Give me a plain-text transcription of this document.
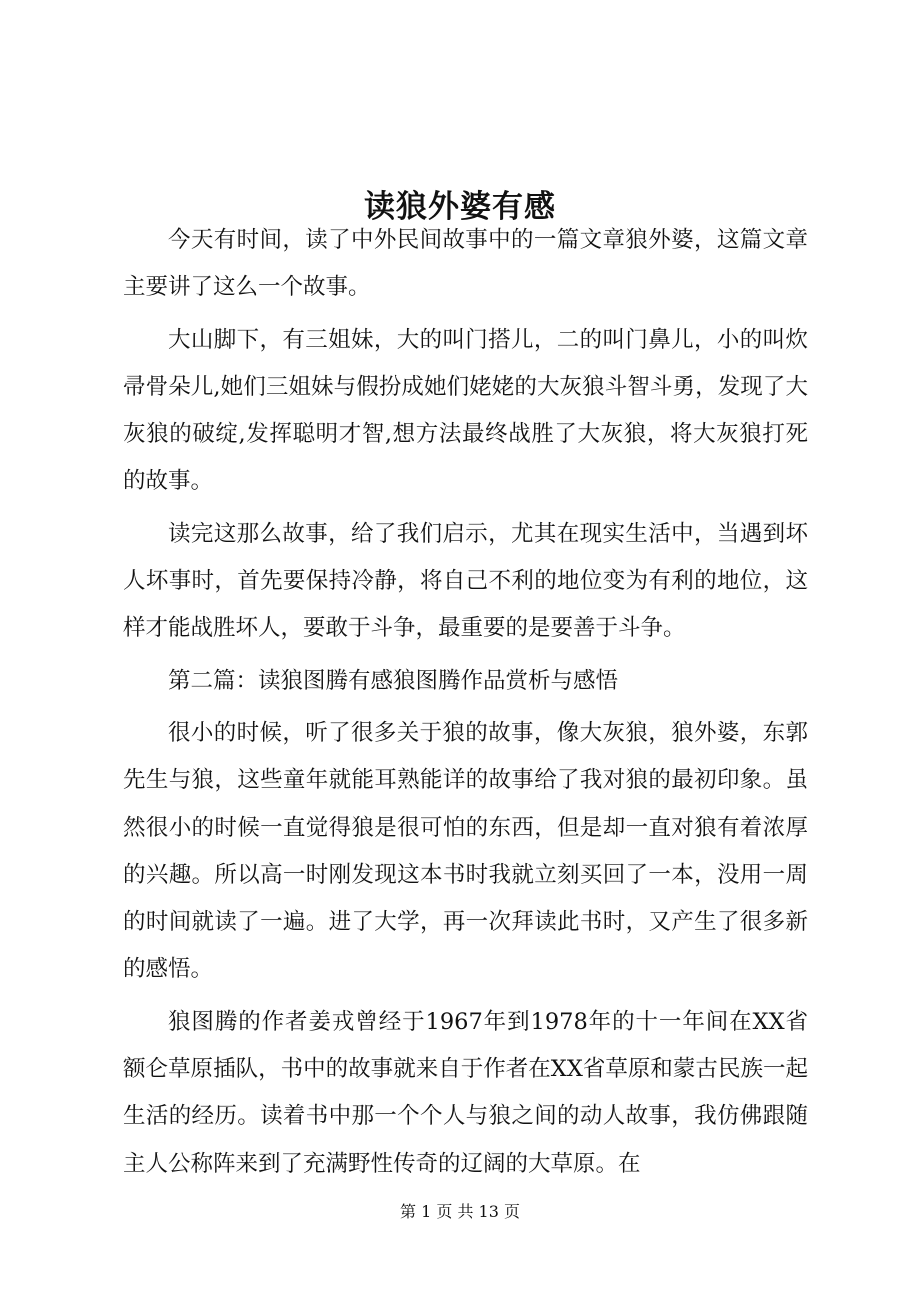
读狼外婆有感

今天有时间，读了中外民间故事中的一篇文章狼外婆，这篇文章主要讲了这么一个故事。

大山脚下，有三姐妹，大的叫门搭儿，二的叫门鼻儿，小的叫炊帚骨朵儿,她们三姐妹与假扮成她们姥姥的大灰狼斗智斗勇，发现了大灰狼的破绽,发挥聪明才智,想方法最终战胜了大灰狼，将大灰狼打死的故事。

读完这那么故事，给了我们启示，尤其在现实生活中，当遇到坏人坏事时，首先要保持冷静，将自己不利的地位变为有利的地位，这样才能战胜坏人，要敢于斗争，最重要的是要善于斗争。

第二篇：读狼图腾有感狼图腾作品赏析与感悟

很小的时候，听了很多关于狼的故事，像大灰狼，狼外婆，东郭先生与狼，这些童年就能耳熟能详的故事给了我对狼的最初印象。虽然很小的时候一直觉得狼是很可怕的东西，但是却一直对狼有着浓厚的兴趣。所以高一时刚发现这本书时我就立刻买回了一本，没用一周的时间就读了一遍。进了大学，再一次拜读此书时，又产生了很多新的感悟。

狼图腾的作者姜戎曾经于1967年到1978年的十一年间在XX省额仑草原插队，书中的故事就来自于作者在XX省草原和蒙古民族一起生活的经历。读着书中那一个个人与狼之间的动人故事，我仿佛跟随主人公称阵来到了充满野性传奇的辽阔的大草原。在

第 1 页 共 13 页
